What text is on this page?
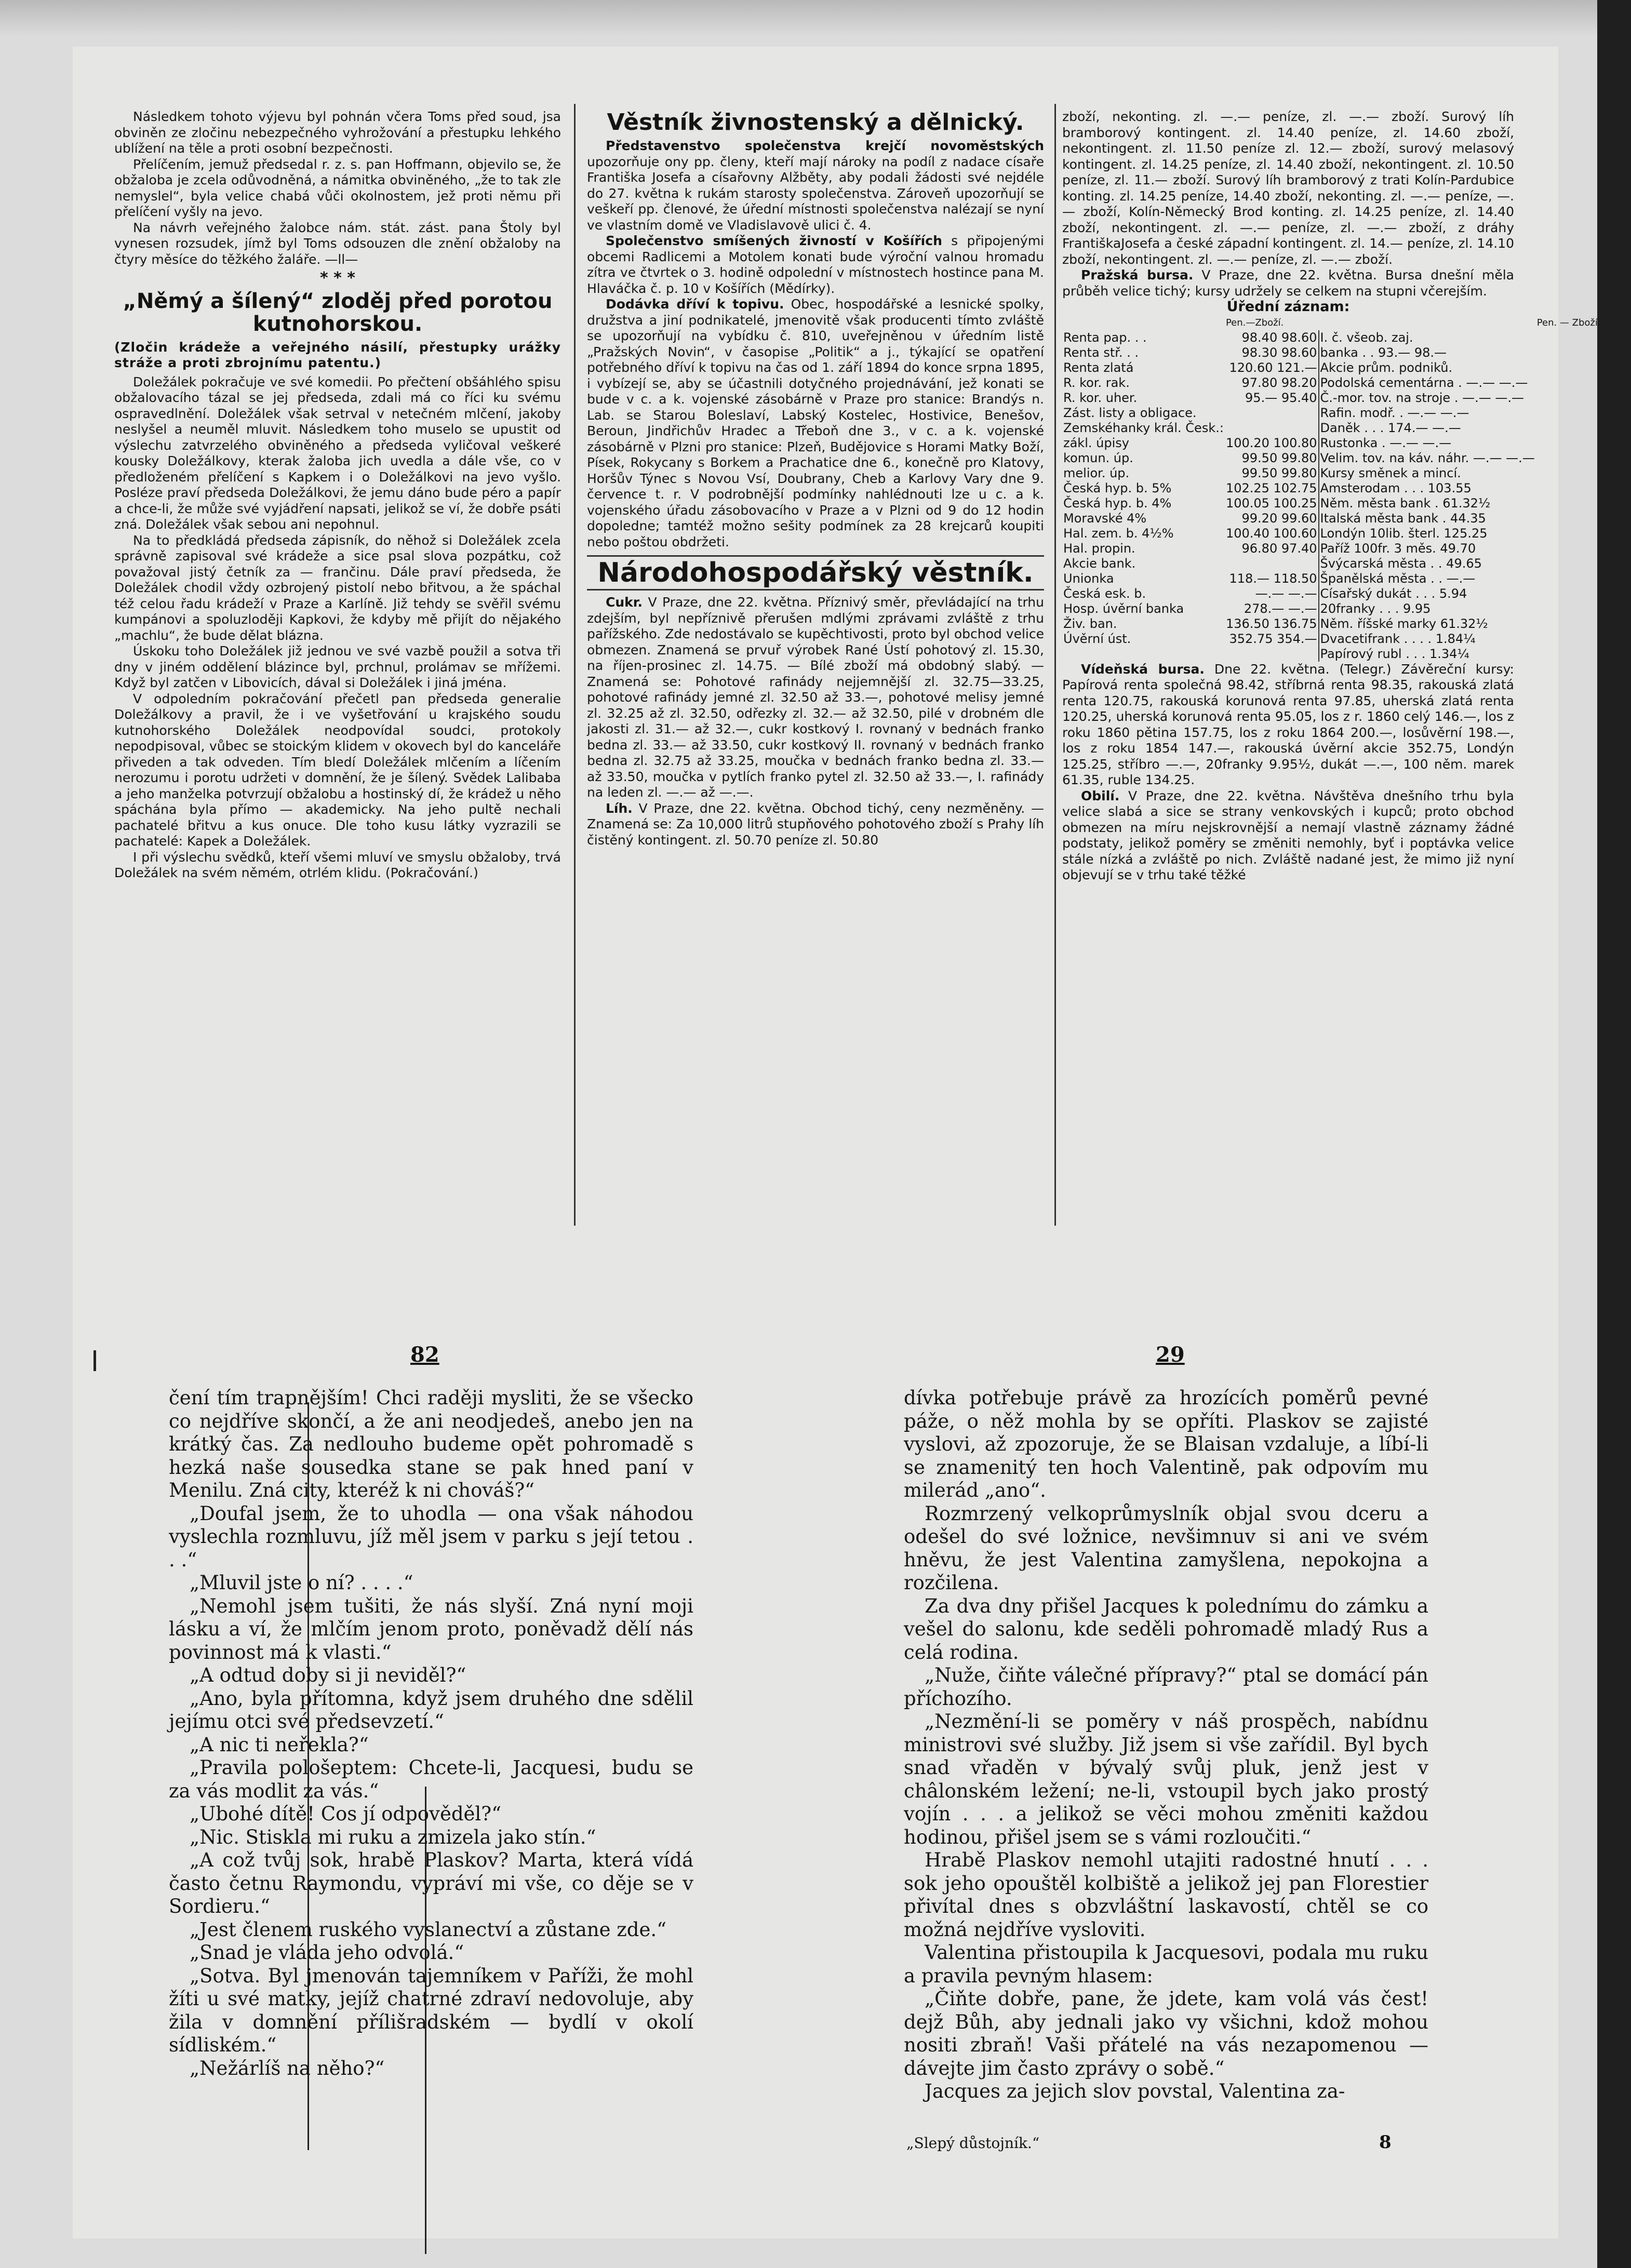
Následkem tohoto výjevu byl pohnán včera Toms před soud, jsa obviněn ze zločinu nebezpečného vyhrožování a přestupku lehkého ublížení na těle a proti osobní bezpečnosti.

Přelíčením, jemuž předsedal r. z. s. pan Hoffmann, objevilo se, že obžaloba je zcela odůvodněná, a námitka obviněného, „že to tak zle nemyslel“, byla velice chabá vůči okolnostem, jež proti němu při přelíčení vyšly na jevo.

Na návrh veřejného žalobce nám. stát. zást. pana Štoly byl vynesen rozsudek, jímž byl Toms odsouzen dle znění obžaloby na čtyry měsíce do těžkého žaláře. —ll—

* * *
„Němý a šílený“ zloděj před porotou kutnohorskou.
(Zločin krádeže a veřejného násilí, přestupky urážky stráže a proti zbrojnímu patentu.)

Doležálek pokračuje ve své komedii. Po přečtení obšáhlého spisu obžalovacího tázal se jej předseda, zdali má co říci ku svému ospravedlnění. Doležálek však setrval v netečném mlčení, jakoby neslyšel a neuměl mluvit. Následkem toho muselo se upustit od výslechu zatvrzelého obviněného a předseda vyličoval veškeré kousky Doležálkovy, kterak žaloba jich uvedla a dále vše, co v předloženém přelíčení s Kapkem i o Doležálkovi na jevo vyšlo. Posléze praví předseda Doležálkovi, že jemu dáno bude péro a papír a chce-li, že může své vyjádření napsati, jelikož se ví, že dobře psáti zná. Doležálek však sebou ani nepohnul.

Na to předkládá předseda zápisník, do něhož si Doležálek zcela správně zapisoval své krádeže a sice psal slova pozpátku, což považoval jistý četník za — frančinu. Dále praví předseda, že Doležálek chodil vždy ozbrojený pistolí nebo břitvou, a že spáchal též celou řadu krádeží v Praze a Karlíně. Již tehdy se svěřil svému kumpánovi a spoluzloději Kapkovi, že kdyby mě přijít do nějakého „machlu“, že bude dělat blázna.

Úskoku toho Doležálek již jednou ve své vazbě použil a sotva tři dny v jiném oddělení blázince byl, prchnul, prolámav se mřížemi. Když byl zatčen v Libovicích, dával si Doležálek i jiná jména.

V odpoledním pokračování přečetl pan předseda generalie Doležálkovy a pravil, že i ve vyšetřování u krajského soudu kutnohorského Doležálek neodpovídal soudci, protokoly nepodpisoval, vůbec se stoickým klidem v okovech byl do kanceláře přiveden a tak odveden. Tím bledí Doležálek mlčením a líčením nerozumu i porotu udržeti v domnění, že je šílený. Svědek Lalibaba a jeho manželka potvrzují obžalobu a hostinský dí, že krádež u něho spáchána byla přímo — akademicky. Na jeho pultě nechali pachatelé břitvu a kus onuce. Dle toho kusu látky vyzrazili se pachatelé: Kapek a Doležálek.

I při výslechu svědků, kteří všemi mluví ve smyslu obžaloby, trvá Doležálek na svém němém, otrlém klidu. (Pokračování.)

Věstník živnostenský a dělnický.

Představenstvo společenstva krejčí novoměstských upozorňuje ony pp. členy, kteří mají nároky na podíl z nadace císaře Františka Josefa a císařovny Alžběty, aby podali žádosti své nejdéle do 27. května k rukám starosty společenstva. Zároveň upozorňují se veškeří pp. členové, že úřední místnosti společenstva nalézají se nyní ve vlastním domě ve Vladislavově ulici č. 4.

Společenstvo smíšených živností v Košířích s připojenými obcemi Radlicemi a Motolem konati bude výroční valnou hromadu zítra ve čtvrtek o 3. hodině odpolední v místnostech hostince pana M. Hlaváčka č. p. 10 v Košířích (Mědírky).

Dodávka dříví k topivu. Obec, hospodářské a lesnické spolky, družstva a jiní podnikatelé, jmenovitě však producenti tímto zvláště se upozorňují na vybídku č. 810, uveřejněnou v úředním listě „Pražských Novin“, v časopise „Politik“ a j., týkající se opatření potřebného dříví k topivu na čas od 1. září 1894 do konce srpna 1895, i vybízejí se, aby se účastnili dotyčného projednávání, jež konati se bude v c. a k. vojenské zásobárně v Praze pro stanice: Brandýs n. Lab. se Starou Boleslaví, Labský Kostelec, Hostivice, Benešov, Beroun, Jindřichův Hradec a Třeboň dne 3., v c. a k. vojenské zásobárně v Plzni pro stanice: Plzeň, Budějovice s Horami Matky Boží, Písek, Rokycany s Borkem a Prachatice dne 6., konečně pro Klatovy, Horšův Týnec s Novou Vsí, Doubrany, Cheb a Karlovy Vary dne 9. července t. r. V podrobnější podmínky nahlédnouti lze u c. a k. vojenského úřadu zásobovacího v Praze a v Plzni od 9 do 12 hodin dopoledne; tamtéž možno sešity podmínek za 28 krejcarů koupiti nebo poštou obdržeti.

Národohospodářský věstník.

Cukr. V Praze, dne 22. května. Příznivý směr, převládající na trhu zdejším, byl nepříznivě přerušen mdlými zprávami zvláště z trhu pařížského. Zde nedostávalo se kupěchtivosti, proto byl obchod velice obmezen. Znamená se prvuř výrobek Rané Ústí pohotový zl. 15.30, na říjen-prosinec zl. 14.75. — Bílé zboží má obdobný slabý. — Znamená se: Pohotové rafinády nejjemnější zl. 32.75—33.25, pohotové rafinády jemné zl. 32.50 až 33.—, pohotové melisy jemné zl. 32.25 až zl. 32.50, odřezky zl. 32.— až 32.50, pilé v drobném dle jakosti zl. 31.— až 32.—, cukr kostkový I. rovnaný v bednách franko bedna zl. 33.— až 33.50, cukr kostkový II. rovnaný v bednách franko bedna zl. 32.75 až 33.25, moučka v bednách franko bedna zl. 33.— až 33.50, moučka v pytlích franko pytel zl. 32.50 až 33.—, I. rafinády na leden zl. —.— až —.—.

Líh. V Praze, dne 22. května. Obchod tichý, ceny nezměněny. — Znamená se: Za 10,000 litrů stupňového pohotového zboží s Prahy líh čistěný kontingent. zl. 50.70 peníze zl. 50.80

zboží, nekonting. zl. —.— peníze, zl. —.— zboží. Surový líh bramborový kontingent. zl. 14.40 peníze, zl. 14.60 zboží, nekontingent. zl. 11.50 peníze zl. 12.— zboží, surový melasový kontingent. zl. 14.25 peníze, zl. 14.40 zboží, nekontingent. zl. 10.50 peníze, zl. 11.— zboží. Surový líh bramborový z trati Kolín-Pardubice konting. zl. 14.25 peníze, 14.40 zboží, nekonting. zl. —.— peníze, —.— zboží, Kolín-Německý Brod konting. zl. 14.25 peníze, zl. 14.40 zboží, nekontingent. zl. —.— peníze, zl. —.— zboží, z dráhy FrantiškaJosefa a české západní kontingent. zl. 14.— peníze, zl. 14.10 zboží, nekontingent. zl. —.— peníze, zl. —.— zboží.

Pražská bursa. V Praze, dne 22. května. Bursa dnešní měla průběh velice tichý; kursy udržely se celkem na stupni včerejším.

Úřední záznam:
	Pen.—Zboží.		Pen. — Zboží.
Renta pap. . .	98.40 98.60	I. č. všeob. zaj.	
Renta stř. . .	98.30 98.60	banka . . 93.— 98.—	
Renta zlatá	120.60 121.—	Akcie prům. podniků.	
R. kor. rak.	97.80 98.20	Podolská cementárna . —.— —.—	
R. kor. uher.	95.— 95.40	Č.-mor. tov. na stroje . —.— —.—	
Zást. listy a obligace.		Rafin. modř. . —.— —.—	
Zemskéhanky král. Česk.:		Daněk . . . 174.— —.—	
zákl. úpisy	100.20 100.80	Rustonka . —.— —.—	
komun. úp.	99.50 99.80	Velim. tov. na káv. náhr. —.— —.—	
melior. úp.	99.50 99.80	Kursy směnek a mincí.	
Česká hyp. b. 5%	102.25 102.75	Amsterodam . . . 103.55	
Česká hyp. b. 4%	100.05 100.25	Něm. města bank . 61.32½	
Moravské 4%	99.20 99.60	Italská města bank . 44.35	
Hal. zem. b. 4½%	100.40 100.60	Londýn 10lib. šterl. 125.25	
Hal. propin.	96.80 97.40	Paříž 100fr. 3 měs. 49.70	
Akcie bank.		Švýcarská města . . 49.65	
Unionka	118.— 118.50	Španělská města . . —.—	
Česká esk. b.	—.— —.—	Císařský dukát . . . 5.94	
Hosp. úvěrní banka	278.— —.—	20franky . . . 9.95	
Živ. ban.	136.50 136.75	Něm. říšské marky 61.32½	
Úvěrní úst.	352.75 354.—	Dvacetifrank . . . . 1.84¼	
		Papírový rubl . . . 1.34¼	

Vídeňská bursa. Dne 22. května. (Telegr.) Závěreční kursy: Papírová renta společná 98.42, stříbrná renta 98.35, rakouská zlatá renta 120.75, rakouská korunová renta 97.85, uherská zlatá renta 120.25, uherská korunová renta 95.05, los z r. 1860 celý 146.—, los z roku 1860 pětina 157.75, los z roku 1864 200.—, losůvěrní 198.—, los z roku 1854 147.—, rakouská úvěrní akcie 352.75, Londýn 125.25, stříbro —.—, 20franky 9.95½, dukát —.—, 100 něm. marek 61.35, ruble 134.25.

Obilí. V Praze, dne 22. května. Návštěva dnešního trhu byla velice slabá a sice se strany venkovských i kupců; proto obchod obmezen na míru nejskrovnější a nemají vlastně záznamy žádné podstaty, jelikož poměry se změniti nemohly, byť i poptávka velice stále nízká a zvláště po nich. Zvláště nadané jest, že mimo již nyní objevují se v trhu také těžké

82

čení tím trapnějším! Chci raději mysliti, že se všecko co nejdříve skončí, a že ani neodjedeš, anebo jen na krátký čas. Za nedlouho budeme opět pohromadě s hezká naše sousedka stane se pak hned paní v Menilu. Zná city, kteréž k ni chováš?“

„Doufal jsem, že to uhodla — ona však náhodou vyslechla rozmluvu, jíž měl jsem v parku s její tetou . . .“

„Mluvil jste o ní? . . . .“

„Nemohl jsem tušiti, že nás slyší. Zná nyní moji lásku a ví, že mlčím jenom proto, poněvadž dělí nás povinnost má k vlasti.“

„A odtud doby si ji neviděl?“

„Ano, byla přítomna, když jsem druhého dne sdělil jejímu otci své předsevzetí.“

„A nic ti neřekla?“

„Pravila pološeptem: Chcete-li, Jacquesi, budu se za vás modlit za vás.“

„Ubohé dítě! Cos jí odpověděl?“

„Nic. Stiskla mi ruku a zmizela jako stín.“

„A což tvůj sok, hrabě Plaskov? Marta, která vídá často četnu Raymondu, vypráví mi vše, co děje se v Sordieru.“

„Jest členem ruského vyslanectví a zůstane zde.“

„Snad je vláda jeho odvolá.“

„Sotva. Byl jmenován tajemníkem v Paříži, že mohl žíti u své matky, jejíž chatrné zdraví nedovoluje, aby žila v domnění přílišradském — bydlí v okolí sídliském.“

„Nežárlíš na něho?“

29

dívka potřebuje právě za hrozících poměrů pevné páže, o něž mohla by se opříti. Plaskov se zajisté vyslovi, až zpozoruje, že se Blaisan vzdaluje, a líbí-li se znamenitý ten hoch Valentině, pak odpovím mu milerád „ano“.

Rozmrzený velkoprůmyslník objal svou dceru a odešel do své ložnice, nevšimnuv si ani ve svém hněvu, že jest Valentina zamyšlena, nepokojna a rozčilena.

Za dva dny přišel Jacques k polednímu do zámku a vešel do salonu, kde seděli pohromadě mladý Rus a celá rodina.

„Nuže, čiňte válečné přípravy?“ ptal se domácí pán příchozího.

„Nezmění-li se poměry v náš prospěch, nabídnu ministrovi své služby. Již jsem si vše zařídil. Byl bych snad vřaděn v bývalý svůj pluk, jenž jest v châlonském ležení; ne-li, vstoupil bych jako prostý vojín . . . a jelikož se věci mohou změniti každou hodinou, přišel jsem se s vámi rozloučiti.“

Hrabě Plaskov nemohl utajiti radostné hnutí . . . sok jeho opouštěl kolbiště a jelikož jej pan Florestier přivítal dnes s obzvláštní laskavostí, chtěl se co možná nejdříve vysloviti.

Valentina přistoupila k Jacquesovi, podala mu ruku a pravila pevným hlasem:

„Čiňte dobře, pane, že jdete, kam volá vás čest! dejž Bůh, aby jednali jako vy všichni, kdož mohou nositi zbraň! Vaši přátelé na vás nezapomenou — dávejte jim často zprávy o sobě.“

Jacques za jejich slov povstal, Valentina za-

„Slepý důstojník.“	8
